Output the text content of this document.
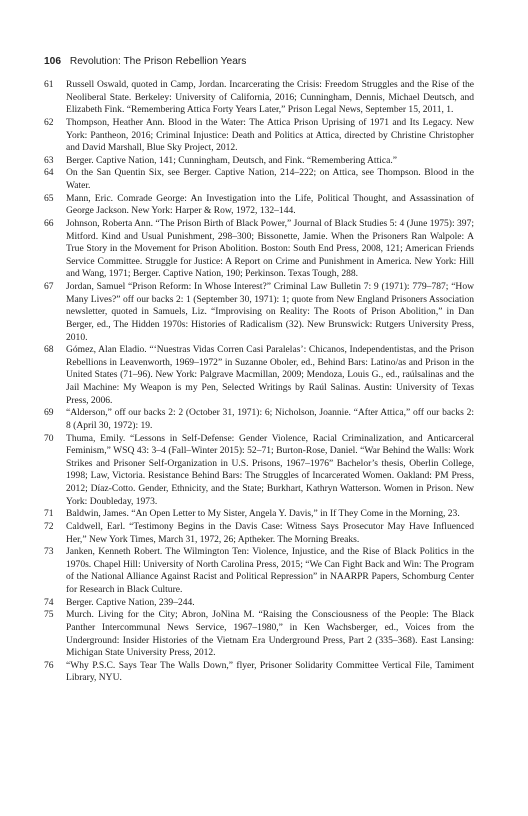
106 Revolution: The Prison Rebellion Years
61 Russell Oswald, quoted in Camp, Jordan. Incarcerating the Crisis: Freedom Struggles and the Rise of the Neoliberal State. Berkeley: University of California, 2016; Cunningham, Dennis, Michael Deutsch, and Elizabeth Fink. “Remembering Attica Forty Years Later,” Prison Legal News, September 15, 2011, 1.
62 Thompson, Heather Ann. Blood in the Water: The Attica Prison Uprising of 1971 and Its Legacy. New York: Pantheon, 2016; Criminal Injustice: Death and Politics at Attica, directed by Christine Christopher and David Marshall, Blue Sky Project, 2012.
63 Berger. Captive Nation, 141; Cunningham, Deutsch, and Fink. “Remembering Attica.”
64 On the San Quentin Six, see Berger. Captive Nation, 214–222; on Attica, see Thompson. Blood in the Water.
65 Mann, Eric. Comrade George: An Investigation into the Life, Political Thought, and Assassination of George Jackson. New York: Harper & Row, 1972, 132–144.
66 Johnson, Roberta Ann. “The Prison Birth of Black Power,” Journal of Black Studies 5: 4 (June 1975): 397; Mitford. Kind and Usual Punishment, 298–300; Bissonette, Jamie. When the Prisoners Ran Walpole: A True Story in the Movement for Prison Abolition. Boston: South End Press, 2008, 121; American Friends Service Committee. Struggle for Justice: A Report on Crime and Punishment in America. New York: Hill and Wang, 1971; Berger. Captive Nation, 190; Perkinson. Texas Tough, 288.
67 Jordan, Samuel “Prison Reform: In Whose Interest?” Criminal Law Bulletin 7: 9 (1971): 779–787; “How Many Lives?” off our backs 2: 1 (September 30, 1971): 1; quote from New England Prisoners Association newsletter, quoted in Samuels, Liz. “Improvising on Reality: The Roots of Prison Abolition,” in Dan Berger, ed., The Hidden 1970s: Histories of Radicalism (32). New Brunswick: Rutgers University Press, 2010.
68 Gómez, Alan Eladio. “‘Nuestras Vidas Corren Casi Paralelas’: Chicanos, Independentistas, and the Prison Rebellions in Leavenworth, 1969–1972” in Suzanne Oboler, ed., Behind Bars: Latino/as and Prison in the United States (71–96). New York: Palgrave Macmillan, 2009; Mendoza, Louis G., ed., raúlsalinas and the Jail Machine: My Weapon is my Pen, Selected Writings by Raúl Salinas. Austin: University of Texas Press, 2006.
69 “Alderson,” off our backs 2: 2 (October 31, 1971): 6; Nicholson, Joannie. “After Attica,” off our backs 2: 8 (April 30, 1972): 19.
70 Thuma, Emily. “Lessons in Self-Defense: Gender Violence, Racial Criminalization, and Anticarceral Feminism,” WSQ 43: 3–4 (Fall–Winter 2015): 52–71; Burton-Rose, Daniel. “War Behind the Walls: Work Strikes and Prisoner Self-Organization in U.S. Prisons, 1967–1976” Bachelor’s thesis, Oberlin College, 1998; Law, Victoria. Resistance Behind Bars: The Struggles of Incarcerated Women. Oakland: PM Press, 2012; Díaz-Cotto. Gender, Ethnicity, and the State; Burkhart, Kathryn Watterson. Women in Prison. New York: Doubleday, 1973.
71 Baldwin, James. “An Open Letter to My Sister, Angela Y. Davis,” in If They Come in the Morning, 23.
72 Caldwell, Earl. “Testimony Begins in the Davis Case: Witness Says Prosecutor May Have Influenced Her,” New York Times, March 31, 1972, 26; Aptheker. The Morning Breaks.
73 Janken, Kenneth Robert. The Wilmington Ten: Violence, Injustice, and the Rise of Black Politics in the 1970s. Chapel Hill: University of North Carolina Press, 2015; “We Can Fight Back and Win: The Program of the National Alliance Against Racist and Political Repression” in NAARPR Papers, Schomburg Center for Research in Black Culture.
74 Berger. Captive Nation, 239–244.
75 Murch. Living for the City; Abron, JoNina M. “Raising the Consciousness of the People: The Black Panther Intercommunal News Service, 1967–1980,” in Ken Wachsberger, ed., Voices from the Underground: Insider Histories of the Vietnam Era Underground Press, Part 2 (335–368). East Lansing: Michigan State University Press, 2012.
76 “Why P.S.C. Says Tear The Walls Down,” flyer, Prisoner Solidarity Committee Vertical File, Tamiment Library, NYU.
